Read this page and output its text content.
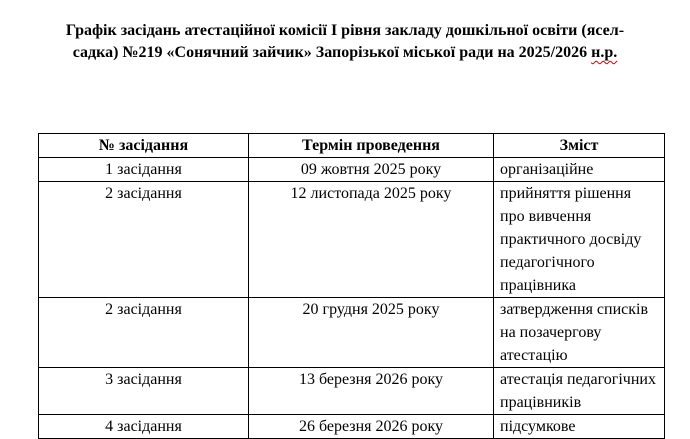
Графік засідань атестаційної комісії І рівня закладу дошкільної освіти (ясел-
садка) №219 «Сонячний зайчик» Запорізької міської ради на 2025/2026 н.р.
№ засідання	Термін проведення	Зміст
1 засідання	09 жовтня 2025 року	організаційне
2 засідання	12 листопада 2025 року	прийняття рішення про вивчення практичного досвіду педагогічного працівника
2 засідання	20 грудня 2025 року	затвердження списків на позачергову атестацію
3 засідання	13 березня 2026 року	атестація педагогічних працівників
4 засідання	26 березня 2026 року	підсумкове
